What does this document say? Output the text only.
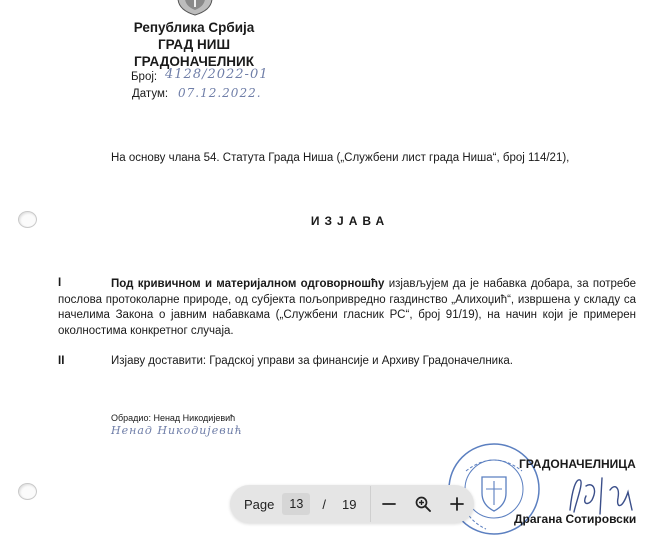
Република Србија
ГРАД НИШ
ГРАДОНАЧЕЛНИК
Број: 4128/2022-01
Датум: 07.12.2022.
На основу члана 54. Статута Града Ниша („Службени лист града Ниша“, број 114/21),
ИЗЈАВА
I	Под кривичном и материјалном одговорношћу изјављујем да је набавка добара, за потребе послова протоколарне природе, од субјекта пољопривредно газдинство „Алихоџић“, извршена у складу са начелима Закона о јавним набавкама („Службени гласник РС“, број 91/19), на начин који је примерен околностима конкретног случаја.
II	Изјаву доставити: Градској управи за финансије и Архиву Градоначелника.
Обрадио: Ненад Никодијевић
Ненад Никодијевић
ГРАДОНАЧЕЛНИЦА
Драгана Сотировски
Page
13	/ 19
